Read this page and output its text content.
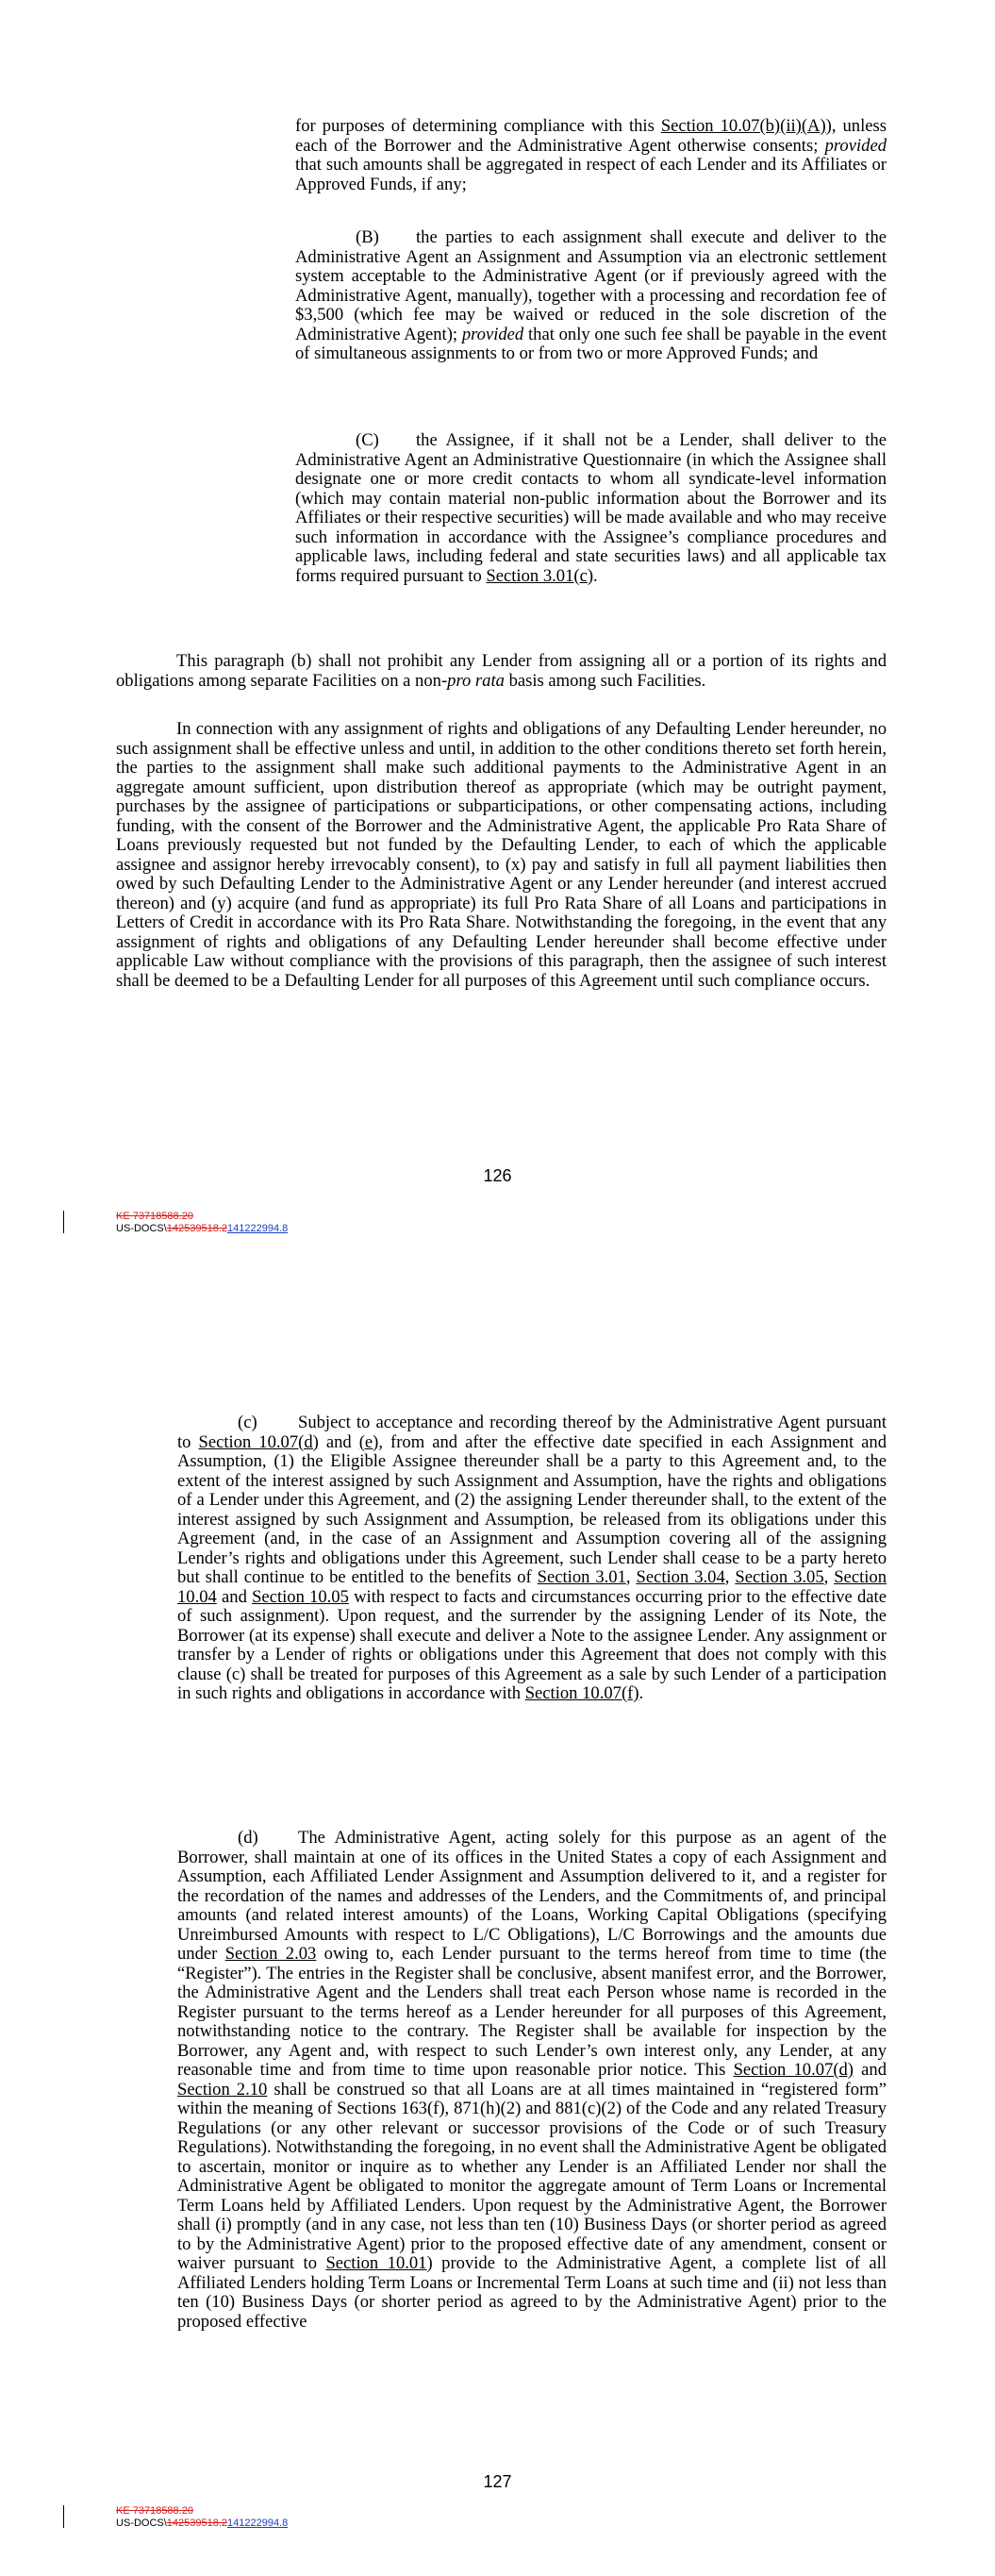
for purposes of determining compliance with this Section 10.07(b)(ii)(A)), unless each of the Borrower and the Administrative Agent otherwise consents; provided that such amounts shall be aggregated in respect of each Lender and its Affiliates or Approved Funds, if any;

(B) the parties to each assignment shall execute and deliver to the Administrative Agent an Assignment and Assumption via an electronic settlement system acceptable to the Administrative Agent (or if previously agreed with the Administrative Agent, manually), together with a processing and recordation fee of $3,500 (which fee may be waived or reduced in the sole discretion of the Administrative Agent); provided that only one such fee shall be payable in the event of simultaneous assignments to or from two or more Approved Funds; and

(C) the Assignee, if it shall not be a Lender, shall deliver to the Administrative Agent an Administrative Questionnaire (in which the Assignee shall designate one or more credit contacts to whom all syndicate-level information (which may contain material non-public information about the Borrower and its Affiliates or their respective securities) will be made available and who may receive such information in accordance with the Assignee’s compliance procedures and applicable laws, including federal and state securities laws) and all applicable tax forms required pursuant to Section 3.01(c).

This paragraph (b) shall not prohibit any Lender from assigning all or a portion of its rights and obligations among separate Facilities on a non-pro rata basis among such Facilities.

In connection with any assignment of rights and obligations of any Defaulting Lender hereunder, no such assignment shall be effective unless and until, in addition to the other conditions thereto set forth herein, the parties to the assignment shall make such additional payments to the Administrative Agent in an aggregate amount sufficient, upon distribution thereof as appropriate (which may be outright payment, purchases by the assignee of participations or subparticipations, or other compensating actions, including funding, with the consent of the Borrower and the Administrative Agent, the applicable Pro Rata Share of Loans previously requested but not funded by the Defaulting Lender, to each of which the applicable assignee and assignor hereby irrevocably consent), to (x) pay and satisfy in full all payment liabilities then owed by such Defaulting Lender to the Administrative Agent or any Lender hereunder (and interest accrued thereon) and (y) acquire (and fund as appropriate) its full Pro Rata Share of all Loans and participations in Letters of Credit in accordance with its Pro Rata Share. Notwithstanding the foregoing, in the event that any assignment of rights and obligations of any Defaulting Lender hereunder shall become effective under applicable Law without compliance with the provisions of this paragraph, then the assignee of such interest shall be deemed to be a Defaulting Lender for all purposes of this Agreement until such compliance occurs.

126
KE 73718588.20
US-DOCS\142539518.2141222994.8

(c) Subject to acceptance and recording thereof by the Administrative Agent pursuant to Section 10.07(d) and (e), from and after the effective date specified in each Assignment and Assumption, (1) the Eligible Assignee thereunder shall be a party to this Agreement and, to the extent of the interest assigned by such Assignment and Assumption, have the rights and obligations of a Lender under this Agreement, and (2) the assigning Lender thereunder shall, to the extent of the interest assigned by such Assignment and Assumption, be released from its obligations under this Agreement (and, in the case of an Assignment and Assumption covering all of the assigning Lender’s rights and obligations under this Agreement, such Lender shall cease to be a party hereto but shall continue to be entitled to the benefits of Section 3.01, Section 3.04, Section 3.05, Section 10.04 and Section 10.05 with respect to facts and circumstances occurring prior to the effective date of such assignment). Upon request, and the surrender by the assigning Lender of its Note, the Borrower (at its expense) shall execute and deliver a Note to the assignee Lender. Any assignment or transfer by a Lender of rights or obligations under this Agreement that does not comply with this clause (c) shall be treated for purposes of this Agreement as a sale by such Lender of a participation in such rights and obligations in accordance with Section 10.07(f).

(d) The Administrative Agent, acting solely for this purpose as an agent of the Borrower, shall maintain at one of its offices in the United States a copy of each Assignment and Assumption, each Affiliated Lender Assignment and Assumption delivered to it, and a register for the recordation of the names and addresses of the Lenders, and the Commitments of, and principal amounts (and related interest amounts) of the Loans, Working Capital Obligations (specifying Unreimbursed Amounts with respect to L/C Obligations), L/C Borrowings and the amounts due under Section 2.03 owing to, each Lender pursuant to the terms hereof from time to time (the “Register”). The entries in the Register shall be conclusive, absent manifest error, and the Borrower, the Administrative Agent and the Lenders shall treat each Person whose name is recorded in the Register pursuant to the terms hereof as a Lender hereunder for all purposes of this Agreement, notwithstanding notice to the contrary. The Register shall be available for inspection by the Borrower, any Agent and, with respect to such Lender’s own interest only, any Lender, at any reasonable time and from time to time upon reasonable prior notice. This Section 10.07(d) and Section 2.10 shall be construed so that all Loans are at all times maintained in “registered form” within the meaning of Sections 163(f), 871(h)(2) and 881(c)(2) of the Code and any related Treasury Regulations (or any other relevant or successor provisions of the Code or of such Treasury Regulations). Notwithstanding the foregoing, in no event shall the Administrative Agent be obligated to ascertain, monitor or inquire as to whether any Lender is an Affiliated Lender nor shall the Administrative Agent be obligated to monitor the aggregate amount of Term Loans or Incremental Term Loans held by Affiliated Lenders. Upon request by the Administrative Agent, the Borrower shall (i) promptly (and in any case, not less than ten (10) Business Days (or shorter period as agreed to by the Administrative Agent) prior to the proposed effective date of any amendment, consent or waiver pursuant to Section 10.01) provide to the Administrative Agent, a complete list of all Affiliated Lenders holding Term Loans or Incremental Term Loans at such time and (ii) not less than ten (10) Business Days (or shorter period as agreed to by the Administrative Agent) prior to the proposed effective

127
KE 73718588.20
US-DOCS\142539518.2141222994.8
